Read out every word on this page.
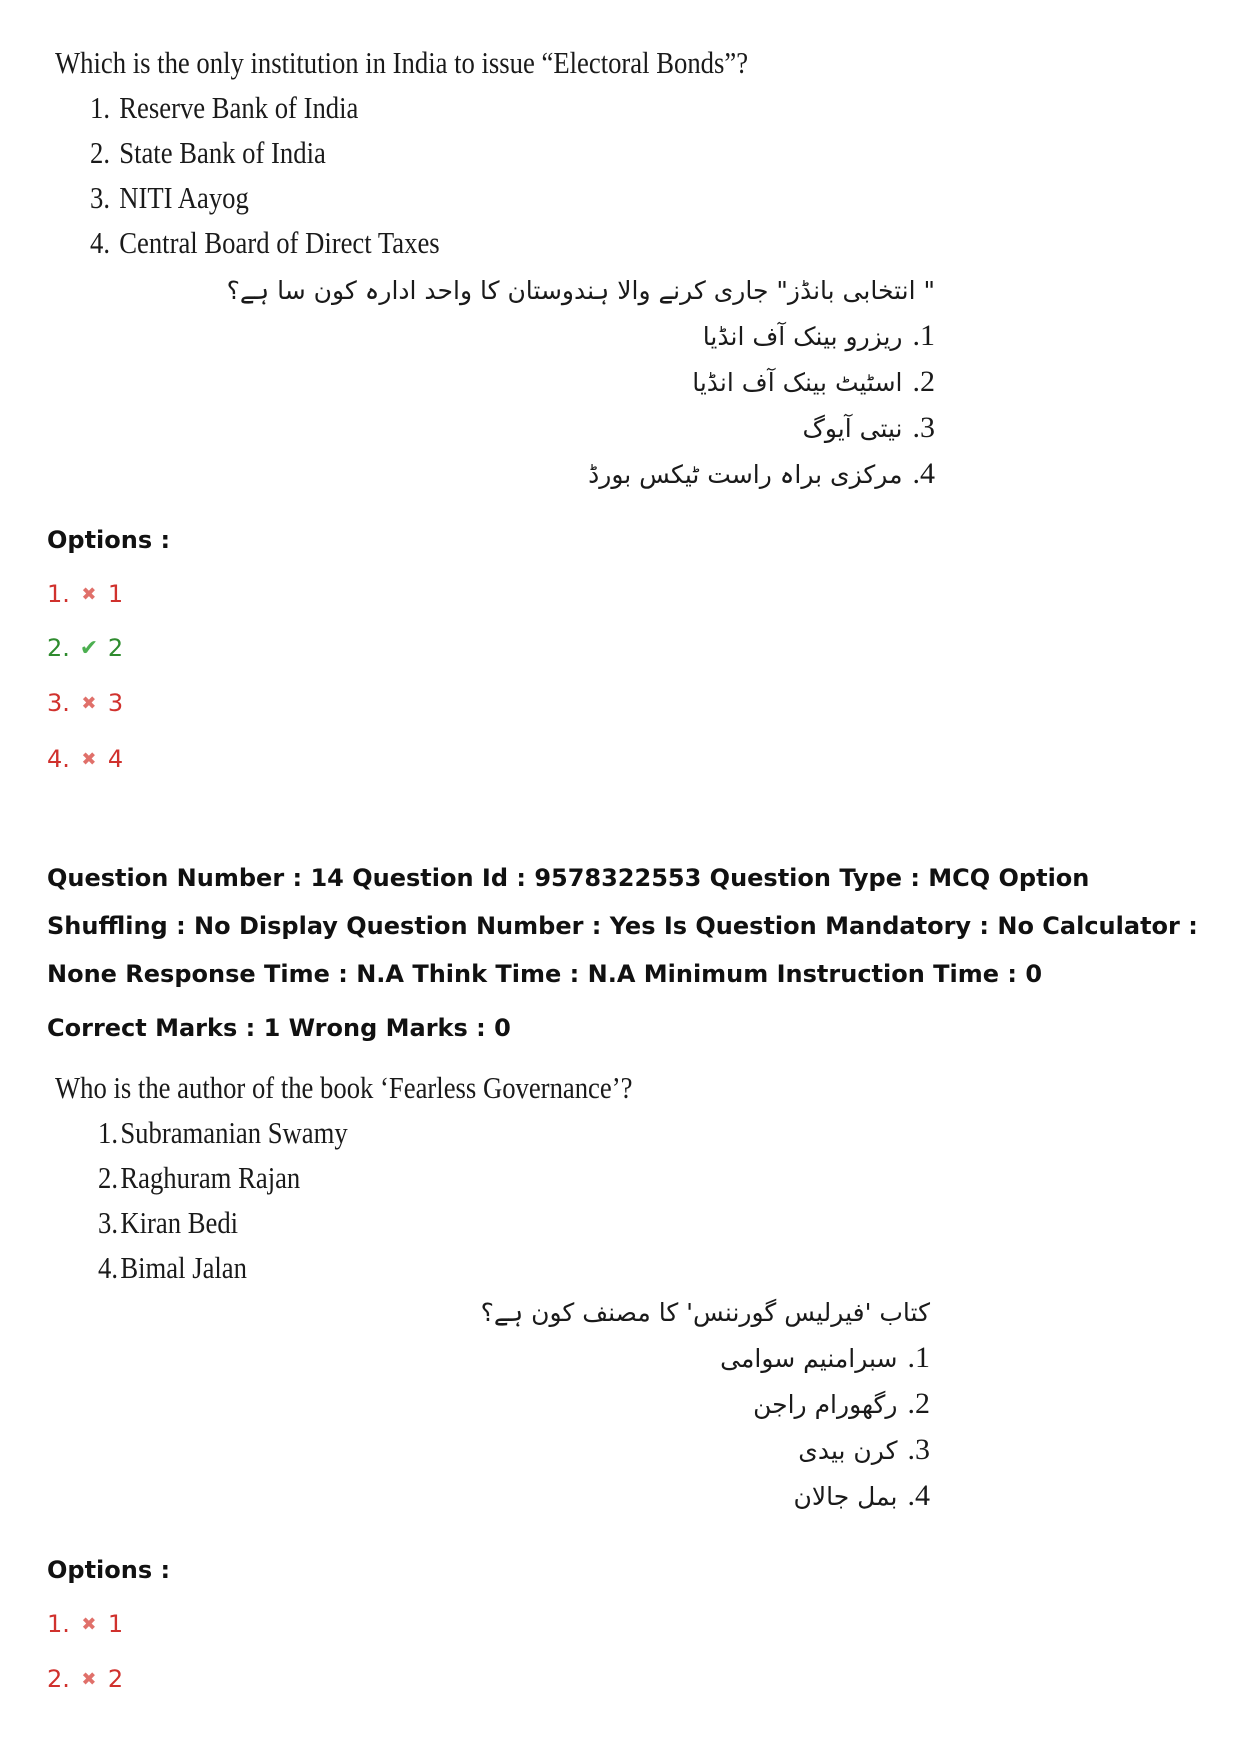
Which is the only institution in India to issue “Electoral Bonds”?
1. Reserve Bank of India
2. State Bank of India
3. NITI Aayog
4. Central Board of Direct Taxes
" انتخابی بانڈز" جاری کرنے والا ہندوستان کا واحد ادارہ کون سا ہے؟
1.ریزرو بینک آف انڈیا
2.اسٹیٹ بینک آف انڈیا
3.نیتی آیوگ
4.مرکزی براہ راست ٹیکس بورڈ
Options :
1. ✖ 1
2. ✔ 2
3. ✖ 3
4. ✖ 4
Question Number : 14 Question Id : 9578322553 Question Type : MCQ Option Shuffling : No Display Question Number : Yes Is Question Mandatory : No Calculator : None Response Time : N.A Think Time : N.A Minimum Instruction Time : 0
Correct Marks : 1 Wrong Marks : 0
Who is the author of the book ‘Fearless Governance’?
1.Subramanian Swamy
2.Raghuram Rajan
3.Kiran Bedi
4.Bimal Jalan
کتاب 'فیرلیس گورننس' کا مصنف کون ہے؟
1.سبرامنیم سوامی
2.رگھورام راجن
3.کرن بیدی
4.بمل جالان
Options :
1. ✖ 1
2. ✖ 2
